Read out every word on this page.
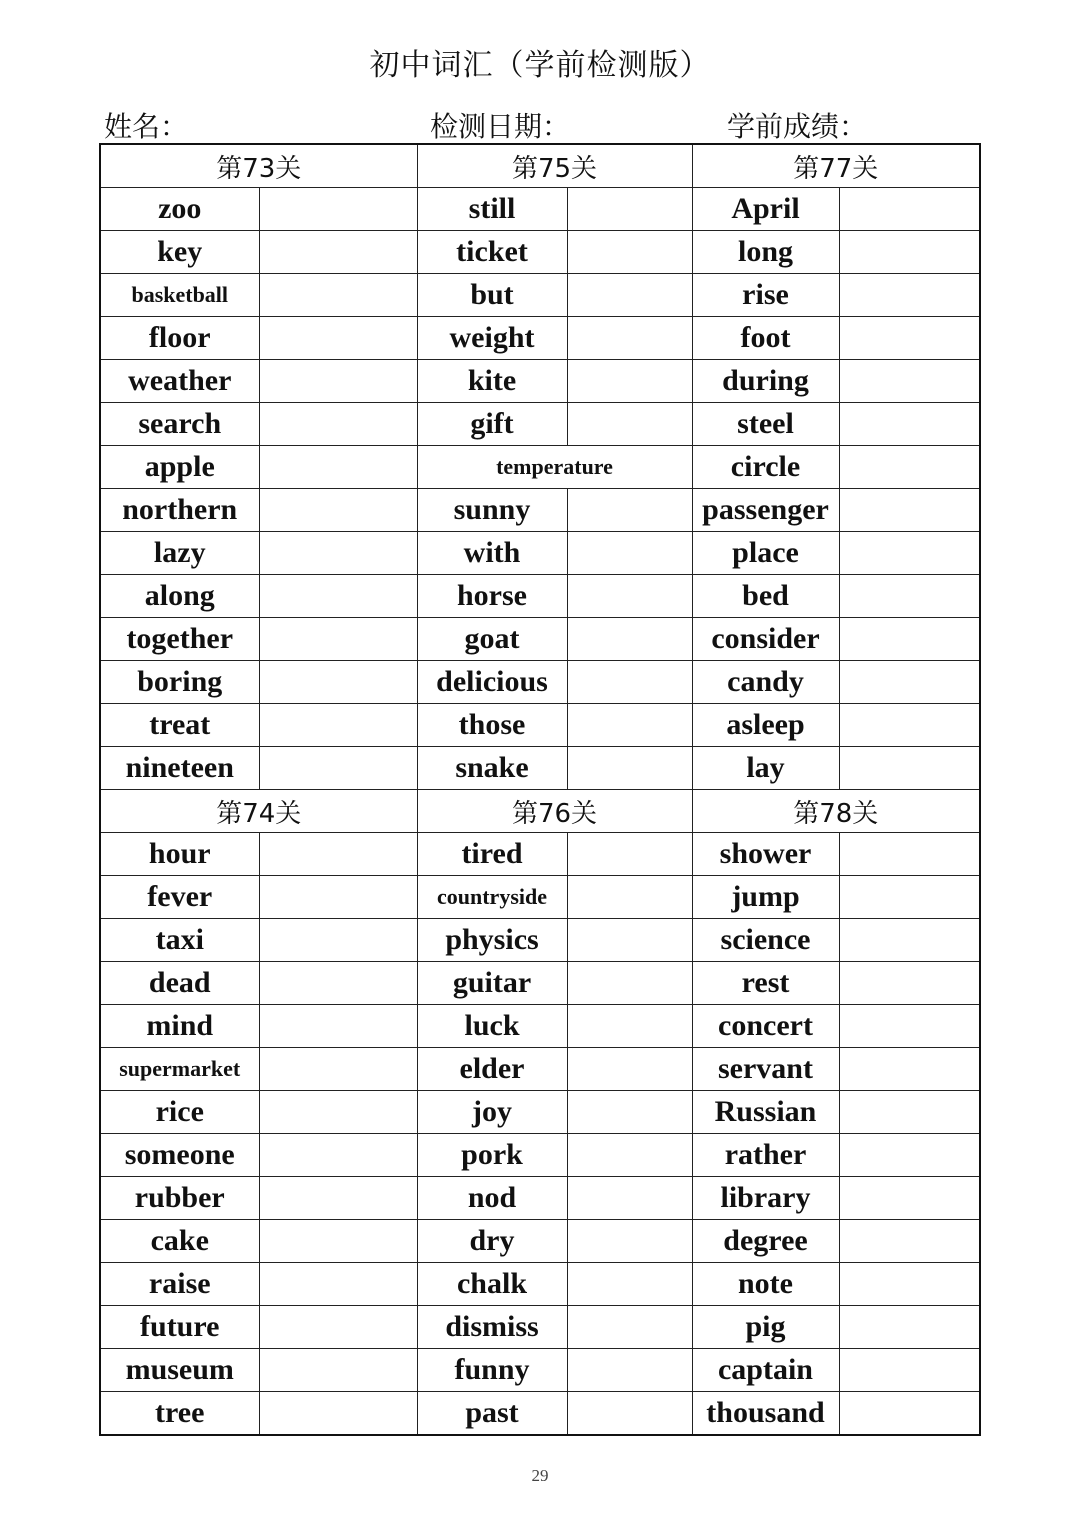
初中词汇（学前检测版）
姓名：	检测日期：	学前成绩：
第73关		第75关		第77关	
zoo		still		April	
key		ticket		long	
basketball		but		rise	
floor		weight		foot	
weather		kite		during	
search		gift		steel	
apple		temperature		circle	
northern		sunny		passenger	
lazy		with		place	
along		horse		bed	
together		goat		consider	
boring		delicious		candy	
treat		those		asleep	
nineteen		snake		lay	
第74关		第76关		第78关	
hour		tired		shower	
fever		countryside		jump	
taxi		physics		science	
dead		guitar		rest	
mind		luck		concert	
supermarket		elder		servant	
rice		joy		Russian	
someone		pork		rather	
rubber		nod		library	
cake		dry		degree	
raise		chalk		note	
future		dismiss		pig	
museum		funny		captain	
tree		past		thousand	
29
